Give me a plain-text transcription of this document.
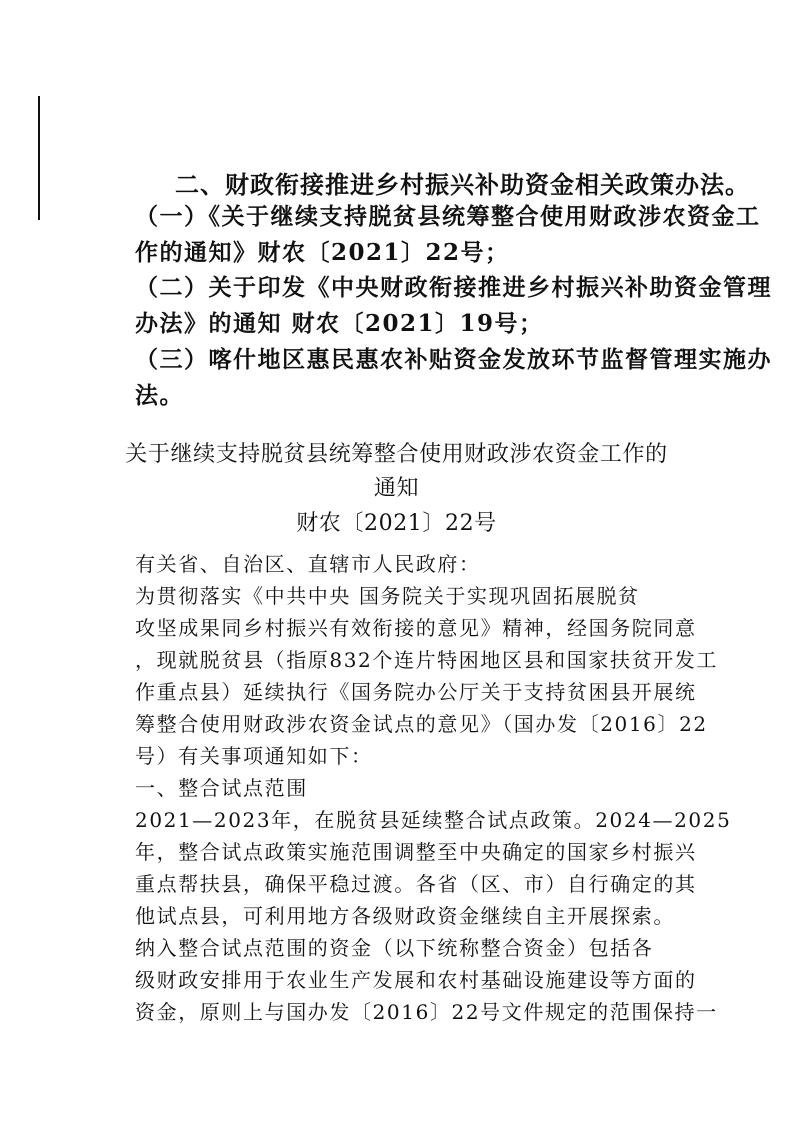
二、财政衔接推进乡村振兴补助资金相关政策办法。

（一）《关于继续支持脱贫县统筹整合使用财政涉农资金工

作的通知》财农〔2021〕22号；

（二）关于印发《中央财政衔接推进乡村振兴补助资金管理

办法》的通知 财农〔2021〕19号；

（三）喀什地区惠民惠农补贴资金发放环节监督管理实施办

法。

关于继续支持脱贫县统筹整合使用财政涉农资金工作的

通知

财农〔2021〕22号

有关省、自治区、直辖市人民政府：

为贯彻落实《中共中央 国务院关于实现巩固拓展脱贫

攻坚成果同乡村振兴有效衔接的意见》精神，经国务院同意

，现就脱贫县（指原832个连片特困地区县和国家扶贫开发工

作重点县）延续执行《国务院办公厅关于支持贫困县开展统

筹整合使用财政涉农资金试点的意见》（国办发〔2016〕22

号）有关事项通知如下：

一、整合试点范围

2021—2023年，在脱贫县延续整合试点政策。2024—2025

年，整合试点政策实施范围调整至中央确定的国家乡村振兴

重点帮扶县，确保平稳过渡。各省（区、市）自行确定的其

他试点县，可利用地方各级财政资金继续自主开展探索。

纳入整合试点范围的资金（以下统称整合资金）包括各

级财政安排用于农业生产发展和农村基础设施建设等方面的

资金，原则上与国办发〔2016〕22号文件规定的范围保持一
